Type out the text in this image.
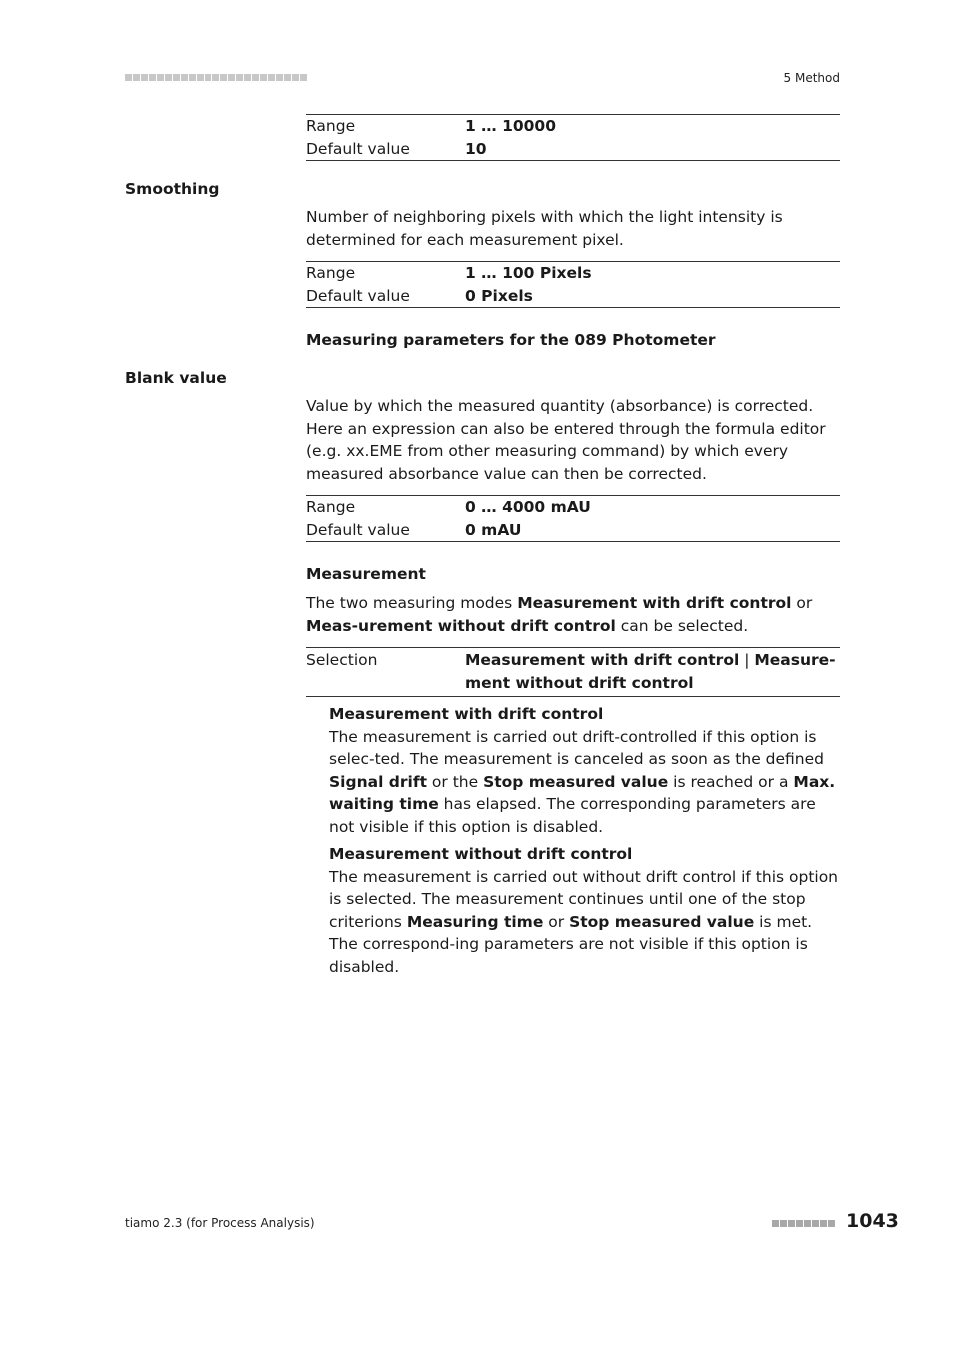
5 Method
Range	1 … 10000
Default value	10
Smoothing
Number of neighboring pixels with which the light intensity is determined for each measurement pixel.
Range	1 … 100 Pixels
Default value	0 Pixels
Measuring parameters for the 089 Photometer
Blank value
Value by which the measured quantity (absorbance) is corrected. Here an expression can also be entered through the formula editor (e.g. xx.EME from other measuring command) by which every measured absorbance value can then be corrected.
Range	0 … 4000 mAU
Default value	0 mAU
Measurement
The two measuring modes Measurement with drift control or Meas-urement without drift control can be selected.
Selection	Measurement with drift control | Measure-ment without drift control
Measurement with drift control
The measurement is carried out drift-controlled if this option is selec-ted. The measurement is canceled as soon as the defined Signal drift or the Stop measured value is reached or a Max. waiting time has elapsed. The corresponding parameters are not visible if this option is disabled.
Measurement without drift control
The measurement is carried out without drift control if this option is selected. The measurement continues until one of the stop criterions Measuring time or Stop measured value is met. The correspond-ing parameters are not visible if this option is disabled.
tiamo 2.3 (for Process Analysis)	1043
